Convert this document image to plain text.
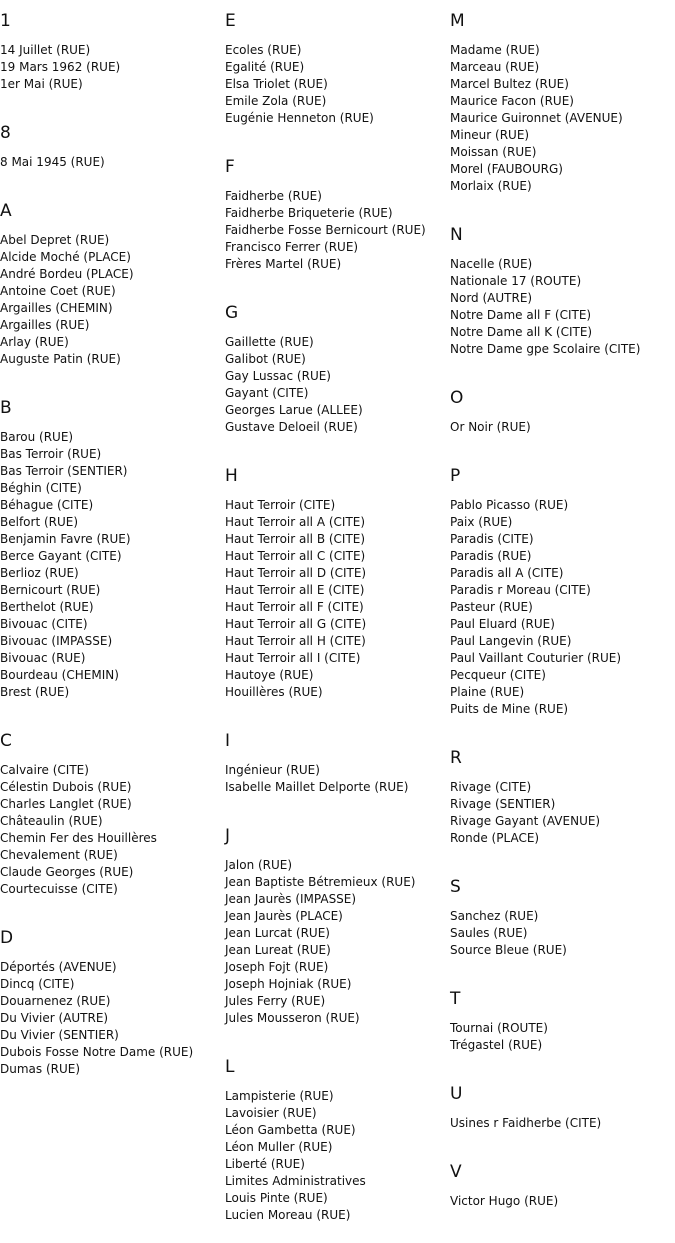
1
14 Juillet (RUE)
19 Mars 1962 (RUE)
1er Mai (RUE)
8
8 Mai 1945 (RUE)
A
Abel Depret (RUE)
Alcide Moché (PLACE)
André Bordeu (PLACE)
Antoine Coet (RUE)
Argailles (CHEMIN)
Argailles (RUE)
Arlay (RUE)
Auguste Patin (RUE)
B
Barou (RUE)
Bas Terroir (RUE)
Bas Terroir (SENTIER)
Béghin (CITE)
Béhague (CITE)
Belfort (RUE)
Benjamin Favre (RUE)
Berce Gayant (CITE)
Berlioz (RUE)
Bernicourt (RUE)
Berthelot (RUE)
Bivouac (CITE)
Bivouac (IMPASSE)
Bivouac (RUE)
Bourdeau (CHEMIN)
Brest (RUE)
C
Calvaire (CITE)
Célestin Dubois (RUE)
Charles Langlet (RUE)
Châteaulin (RUE)
Chemin Fer des Houillères
Chevalement (RUE)
Claude Georges (RUE)
Courtecuisse (CITE)
D
Déportés (AVENUE)
Dincq (CITE)
Douarnenez (RUE)
Du Vivier (AUTRE)
Du Vivier (SENTIER)
Dubois Fosse Notre Dame (RUE)
Dumas (RUE)
E
Ecoles (RUE)
Egalité (RUE)
Elsa Triolet (RUE)
Emile Zola (RUE)
Eugénie Henneton (RUE)
F
Faidherbe (RUE)
Faidherbe Briqueterie (RUE)
Faidherbe Fosse Bernicourt (RUE)
Francisco Ferrer (RUE)
Frères Martel (RUE)
G
Gaillette (RUE)
Galibot (RUE)
Gay Lussac (RUE)
Gayant (CITE)
Georges Larue (ALLEE)
Gustave Deloeil (RUE)
H
Haut Terroir (CITE)
Haut Terroir all A (CITE)
Haut Terroir all B (CITE)
Haut Terroir all C (CITE)
Haut Terroir all D (CITE)
Haut Terroir all E (CITE)
Haut Terroir all F (CITE)
Haut Terroir all G (CITE)
Haut Terroir all H (CITE)
Haut Terroir all I (CITE)
Hautoye (RUE)
Houillères (RUE)
I
Ingénieur (RUE)
Isabelle Maillet Delporte (RUE)
J
Jalon (RUE)
Jean Baptiste Bétremieux (RUE)
Jean Jaurès (IMPASSE)
Jean Jaurès (PLACE)
Jean Lurcat (RUE)
Jean Lureat (RUE)
Joseph Fojt (RUE)
Joseph Hojniak (RUE)
Jules Ferry (RUE)
Jules Mousseron (RUE)
L
Lampisterie (RUE)
Lavoisier (RUE)
Léon Gambetta (RUE)
Léon Muller (RUE)
Liberté (RUE)
Limites Administratives
Louis Pinte (RUE)
Lucien Moreau (RUE)
M
Madame (RUE)
Marceau (RUE)
Marcel Bultez (RUE)
Maurice Facon (RUE)
Maurice Guironnet (AVENUE)
Mineur (RUE)
Moissan (RUE)
Morel (FAUBOURG)
Morlaix (RUE)
N
Nacelle (RUE)
Nationale 17 (ROUTE)
Nord (AUTRE)
Notre Dame all F (CITE)
Notre Dame all K (CITE)
Notre Dame gpe Scolaire (CITE)
O
Or Noir (RUE)
P
Pablo Picasso (RUE)
Paix (RUE)
Paradis (CITE)
Paradis (RUE)
Paradis all A (CITE)
Paradis r Moreau (CITE)
Pasteur (RUE)
Paul Eluard (RUE)
Paul Langevin (RUE)
Paul Vaillant Couturier (RUE)
Pecqueur (CITE)
Plaine (RUE)
Puits de Mine (RUE)
R
Rivage (CITE)
Rivage (SENTIER)
Rivage Gayant (AVENUE)
Ronde (PLACE)
S
Sanchez (RUE)
Saules (RUE)
Source Bleue (RUE)
T
Tournai (ROUTE)
Trégastel (RUE)
U
Usines r Faidherbe (CITE)
V
Victor Hugo (RUE)
